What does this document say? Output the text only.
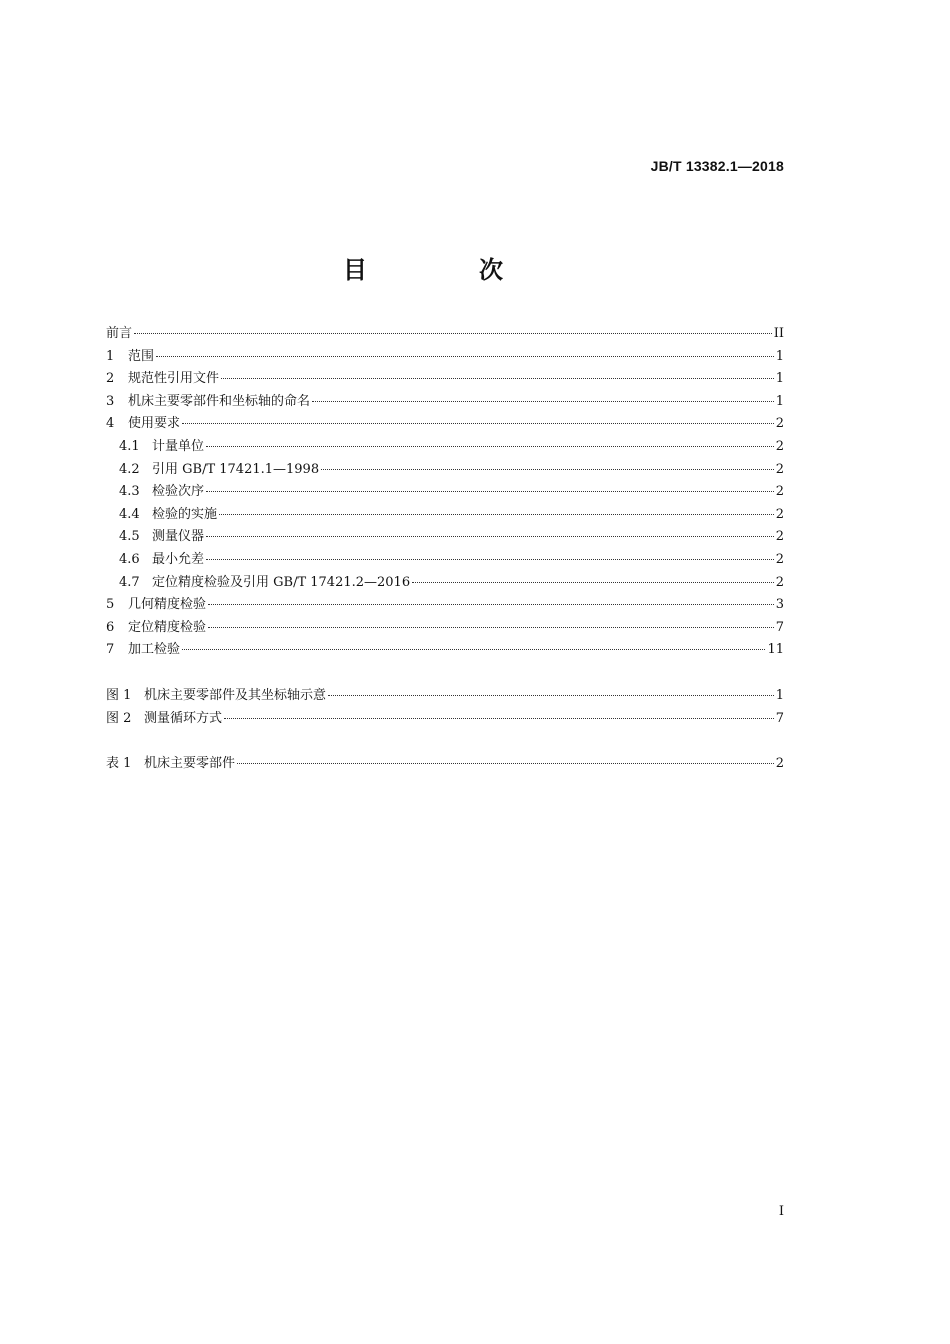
JB/T 13382.1—2018
目　次
前言	II
1	范围	1
2	规范性引用文件	1
3	机床主要零部件和坐标轴的命名	1
4	使用要求	2
4.1 计量单位	2
4.2 引用 GB/T 17421.1—1998	2
4.3 检验次序	2
4.4 检验的实施	2
4.5 测量仪器	2
4.6 最小允差	2
4.7 定位精度检验及引用 GB/T 17421.2—2016	2
5	几何精度检验	3
6	定位精度检验	7
7	加工检验	11
图 1 机床主要零部件及其坐标轴示意	1
图 2 测量循环方式	7
表 1 机床主要零部件	2
I
